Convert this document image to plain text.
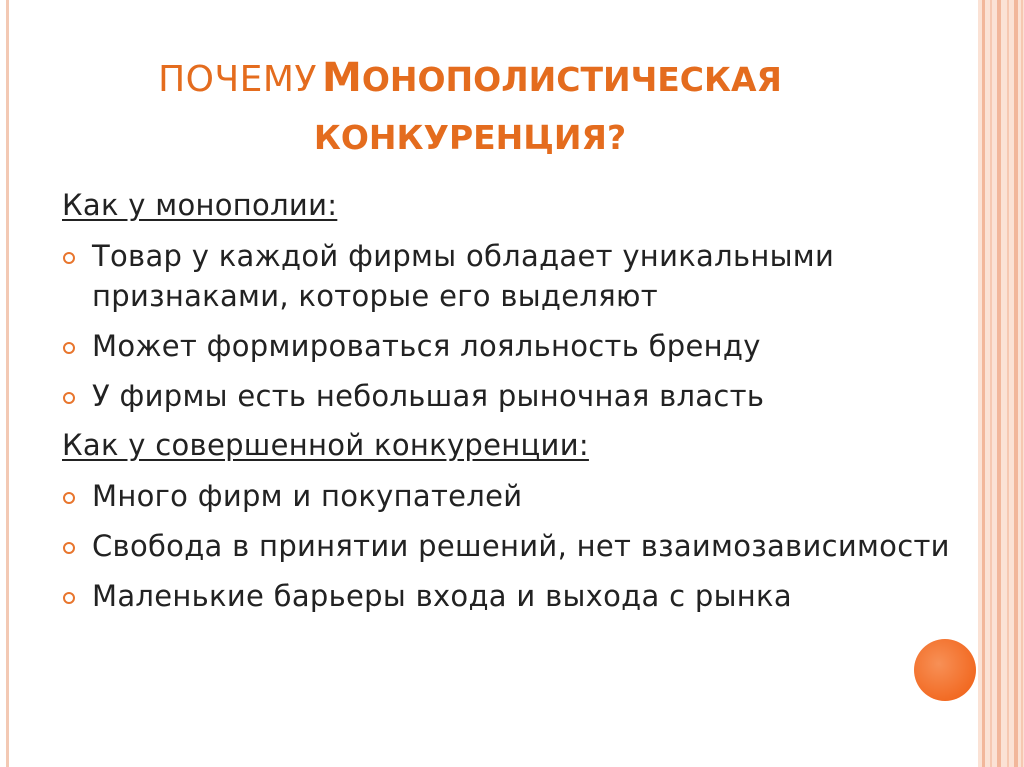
ПОЧЕМУ МОНОПОЛИСТИЧЕСКАЯ
КОНКУРЕНЦИЯ?
Как у монополии:
Товар у каждой фирмы обладает уникальными признаками, которые его выделяют
Может формироваться лояльность бренду
У фирмы есть небольшая рыночная власть
Как у совершенной конкуренции:
Много фирм и покупателей
Свобода в принятии решений, нет взаимозависимости
Маленькие барьеры входа и выхода с рынка
